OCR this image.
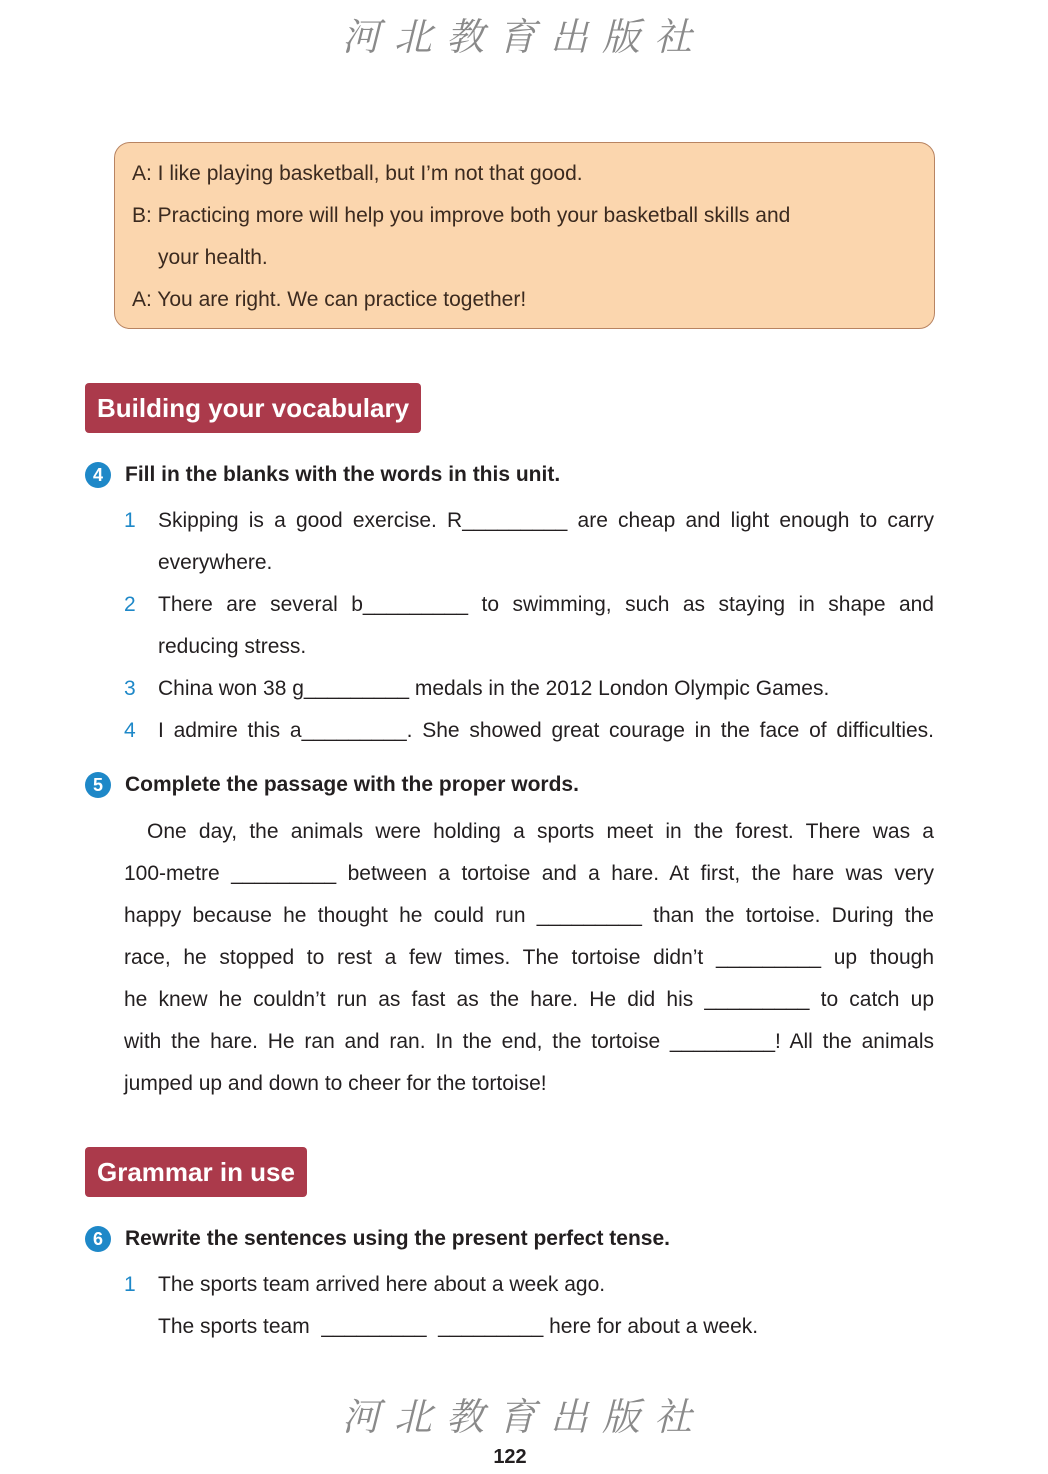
河北教育出版社
A: I like playing basketball, but I’m not that good.
B: Practicing more will help you improve both your basketball skills and
your health.
A: You are right. We can practice together!
Building your vocabulary
4	Fill in the blanks with the words in this unit.
1 Skipping is a good exercise. R_________ are cheap and light enough to carry
everywhere.
2 There are several b_________ to swimming, such as staying in shape and
reducing stress.
3 China won 38 g_________ medals in the 2012 London Olympic Games.
4 I admire this a_________. She showed great courage in the face of difficulties.
5	Complete the passage with the proper words.
One day, the animals were holding a sports meet in the forest. There was a
100-metre _________ between a tortoise and a hare. At first, the hare was very
happy because he thought he could run _________ than the tortoise. During the
race, he stopped to rest a few times. The tortoise didn’t _________ up though
he knew he couldn’t run as fast as the hare. He did his _________ to catch up
with the hare. He ran and ran. In the end, the tortoise _________! All the animals
jumped up and down to cheer for the tortoise!
Grammar in use
6	Rewrite the sentences using the present perfect tense.
1 The sports team arrived here about a week ago.
The sports team  _________  _________ here for about a week.
河北教育出版社
122
